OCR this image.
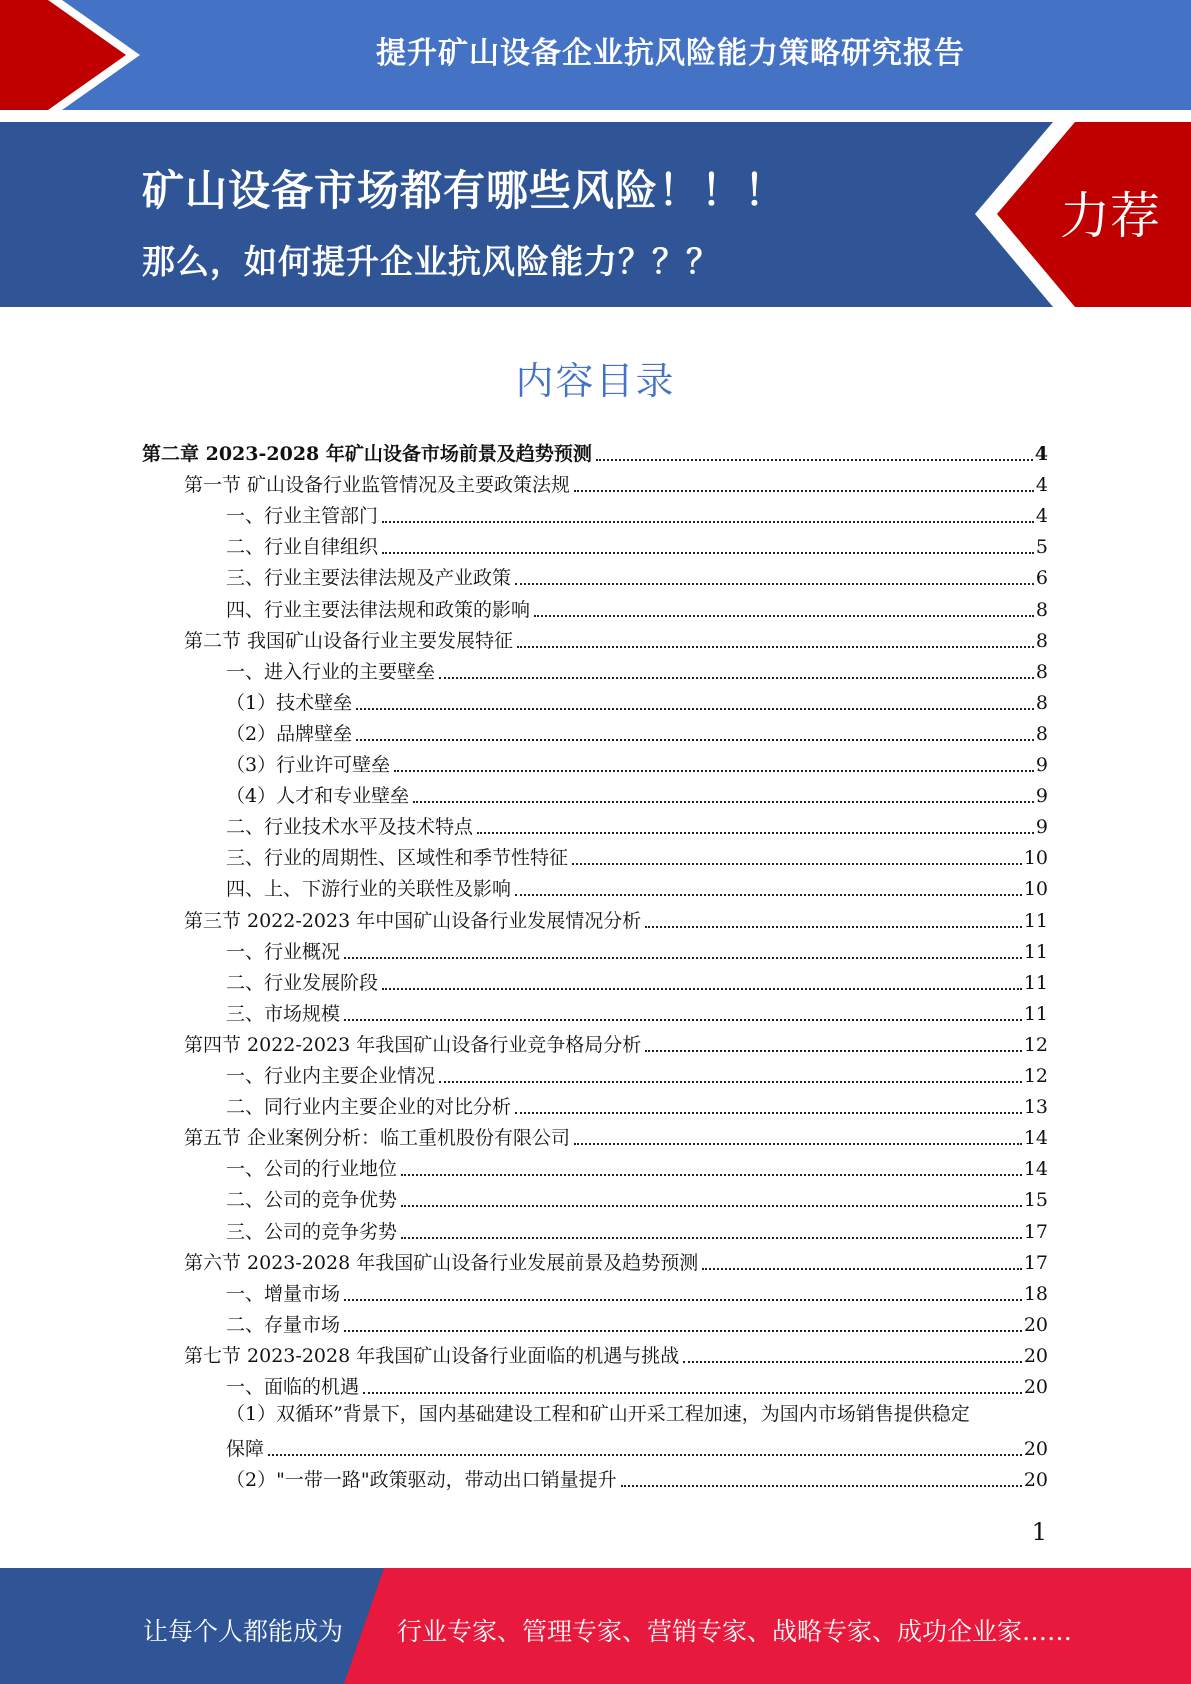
提升矿山设备企业抗风险能力策略研究报告
矿山设备市场都有哪些风险！！！
那么，如何提升企业抗风险能力？？？
力荐
内容目录
第二章 2023-2028 年矿山设备市场前景及趋势预测	4
第一节 矿山设备行业监管情况及主要政策法规	4
一、行业主管部门	4
二、行业自律组织	5
三、行业主要法律法规及产业政策	6
四、行业主要法律法规和政策的影响	8
第二节 我国矿山设备行业主要发展特征	8
一、进入行业的主要壁垒	8
（1）技术壁垒	8
（2）品牌壁垒	8
（3）行业许可壁垒	9
（4）人才和专业壁垒	9
二、行业技术水平及技术特点	9
三、行业的周期性、区域性和季节性特征	10
四、上、下游行业的关联性及影响	10
第三节 2022-2023 年中国矿山设备行业发展情况分析	11
一、行业概况	11
二、行业发展阶段	11
三、市场规模	11
第四节 2022-2023 年我国矿山设备行业竞争格局分析	12
一、行业内主要企业情况	12
二、同行业内主要企业的对比分析	13
第五节 企业案例分析：临工重机股份有限公司	14
一、公司的行业地位	14
二、公司的竞争优势	15
三、公司的竞争劣势	17
第六节 2023-2028 年我国矿山设备行业发展前景及趋势预测	17
一、增量市场	18
二、存量市场	20
第七节 2023-2028 年我国矿山设备行业面临的机遇与挑战	20
一、面临的机遇	20
（1）双循环”背景下，国内基础建设工程和矿山开采工程加速，为国内市场销售提供稳定
保障	20
（2）"一带一路"政策驱动，带动出口销量提升	20
1
让每个人都能成为 行业专家、管理专家、营销专家、战略专家、成功企业家……
